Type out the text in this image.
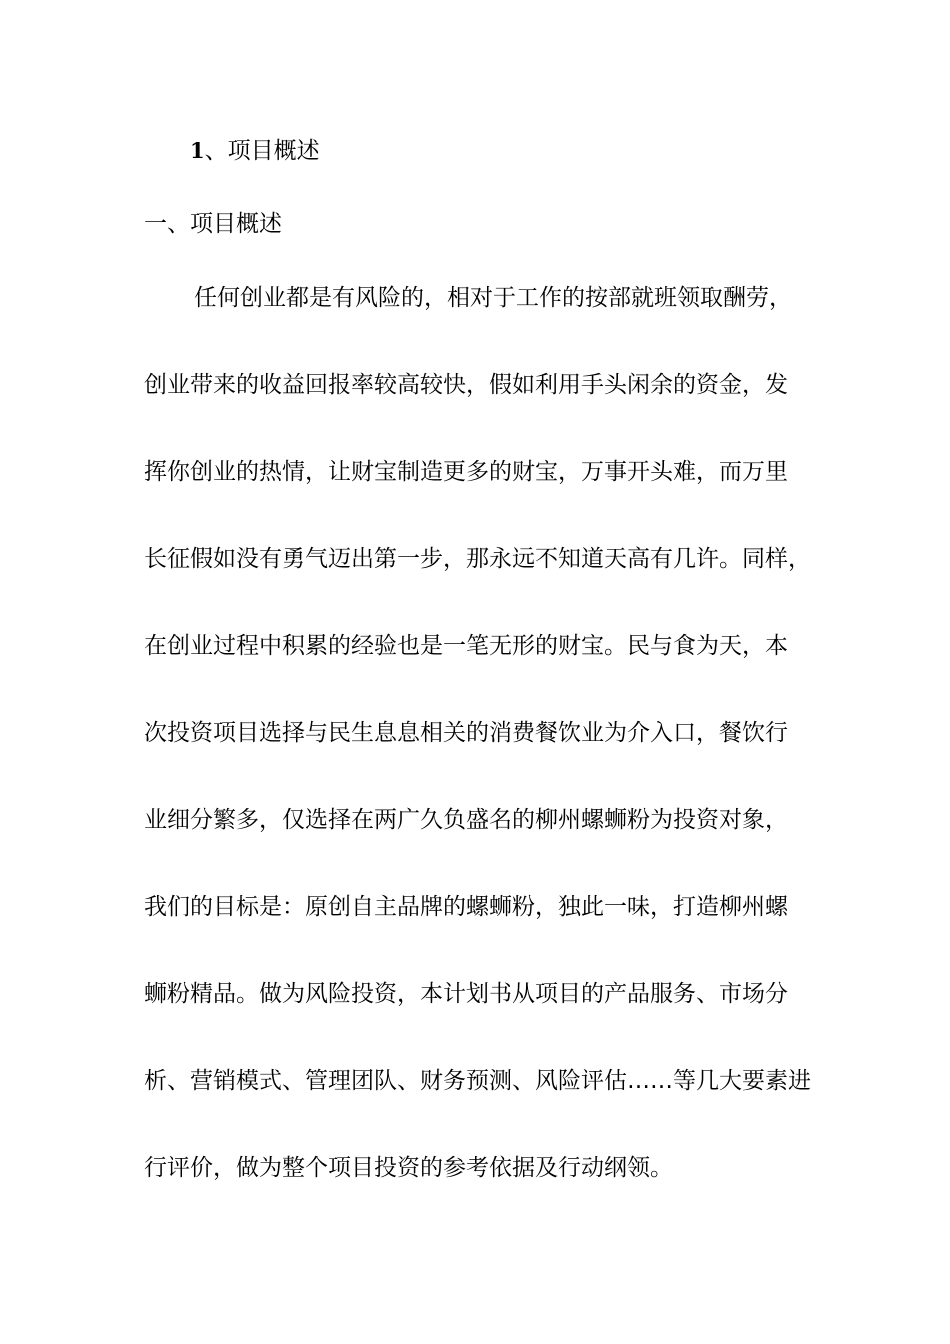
1、项目概述
一、项目概述
任何创业都是有风险的，相对于工作的按部就班领取酬劳，
创业带来的收益回报率较高较快，假如利用手头闲余的资金，发
挥你创业的热情，让财宝制造更多的财宝，万事开头难，而万里
长征假如没有勇气迈出第一步，那永远不知道天高有几许。同样，
在创业过程中积累的经验也是一笔无形的财宝。民与食为天，本
次投资项目选择与民生息息相关的消费餐饮业为介入口，餐饮行
业细分繁多，仅选择在两广久负盛名的柳州螺蛳粉为投资对象，
我们的目标是：原创自主品牌的螺蛳粉，独此一味，打造柳州螺
蛳粉精品。做为风险投资，本计划书从项目的产品服务、市场分
析、营销模式、管理团队、财务预测、风险评估……等几大要素进
行评价，做为整个项目投资的参考依据及行动纲领。
